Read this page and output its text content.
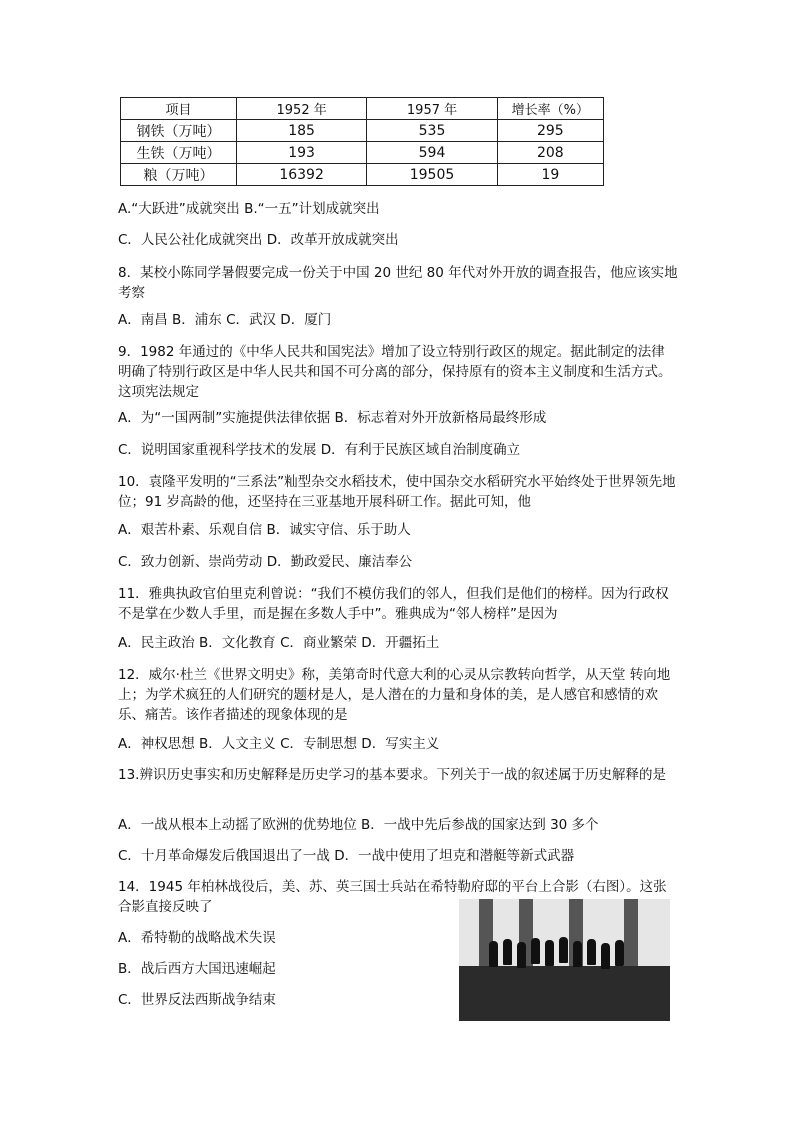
项目	1952 年	1957 年	增长率（%）
钢铁（万吨）	185	535	295
生铁（万吨）	193	594	208
粮（万吨）	16392	19505	19
A.“大跃进”成就突出 B.“一五”计划成就突出
C．人民公社化成就突出 D．改革开放成就突出
8．某校小陈同学暑假要完成一份关于中国 20 世纪 80 年代对外开放的调查报告，他应该实地考察
A．南昌 B．浦东 C．武汉 D．厦门
9．1982 年通过的《中华人民共和国宪法》增加了设立特别行政区的规定。据此制定的法律明确了特别行政区是中华人民共和国不可分离的部分，保持原有的资本主义制度和生活方式。这项宪法规定
A．为“一国两制”实施提供法律依据 B．标志着对外开放新格局最终形成
C．说明国家重视科学技术的发展 D．有利于民族区域自治制度确立
10．袁隆平发明的“三系法”籼型杂交水稻技术，使中国杂交水稻研究水平始终处于世界领先地位；91 岁高龄的他，还坚持在三亚基地开展科研工作。据此可知，他
A．艰苦朴素、乐观自信 B．诚实守信、乐于助人
C．致力创新、崇尚劳动 D．勤政爱民、廉洁奉公
11．雅典执政官伯里克利曾说：“我们不模仿我们的邻人，但我们是他们的榜样。因为行政权不是掌在少数人手里，而是握在多数人手中”。雅典成为“邻人榜样”是因为
A．民主政治 B．文化教育 C．商业繁荣 D．开疆拓土
12．威尔·杜兰《世界文明史》称，美第奇时代意大利的心灵从宗教转向哲学，从天堂 转向地上；为学术疯狂的人们研究的题材是人，是人潜在的力量和身体的美，是人感官和感情的欢乐、痛苦。该作者描述的现象体现的是
A．神权思想 B．人文主义 C．专制思想 D．写实主义
13.辨识历史事实和历史解释是历史学习的基本要求。下列关于一战的叙述属于历史解释的是
A．一战从根本上动摇了欧洲的优势地位 B．一战中先后参战的国家达到 30 多个
C．十月革命爆发后俄国退出了一战 D．一战中使用了坦克和潜艇等新式武器
14．1945 年柏林战役后，美、苏、英三国士兵站在希特勒府邸的平台上合影（右图）。这张合影直接反映了
A．希特勒的战略战术失误
B．战后西方大国迅速崛起
C．世界反法西斯战争结束
